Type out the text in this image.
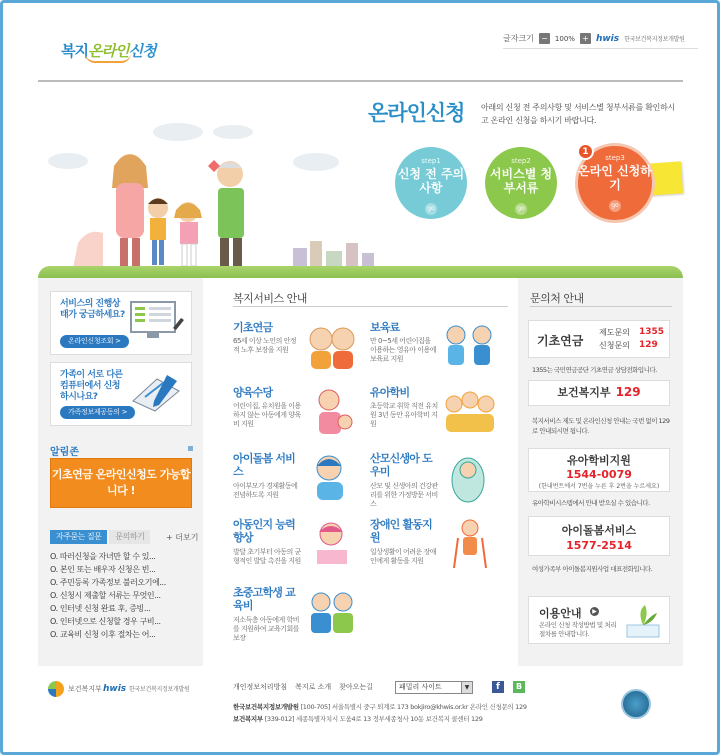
복지온라인신청
글자크기 −	100% + hwis 한국보건복지정보개발원
온라인신청 아래의 신청 전 주의사항 및 서비스별 청부서류를 확인하시고 온라인 신청을 하시기 바랍니다.
step1
신청 전 주의사항
go
step2
서비스별 청부서류
go
step3
온라인 신청하기
go
1
서비스의 진행상태가 궁금하세요?
온라인신청조회 >
가족이 서로 다른 컴퓨터에서 신청하시나요?
가족정보제공동의 >
알림존
기초연금 온라인신청도 가능합니다 !
자주묻는 질문	문의하기	+ 더보기
O. 따러신청을 자녀만 할 수 있...
O. 본인 또는 배우자 신청은 빈...
O. 주민등록 가족정보 불러오기에...
O. 신청시 제출할 서류는 무엇인...
O. 인터넷 신청 완료 후, 증빙...
O. 인터넷으로 신청할 경우 구비...
O. 교육비 신청 이후 절차는 어...
복지서비스 안내
기초연금
65세 이상 노인의 안정적 노후 보장을 지원
보육료
만 0~5세 어린이집을 이용하는 영유아 이용에 보육료 지원
양육수당
어린이집, 유치원을 이용하지 않는 아동에게 양육비 지원
유아학비
초등학교 취학 직전 유치원 3년 동안 유아학비 지원
아이돌봄 서비스
아이부모가 경제활동에 전념하도록 지원
산모신생아 도우미
산모 및 신생아의 건강관리를 위한 가정방문 서비스
아동인지 능력향상
발달 초기부터 아동의 균형적인 발달 촉진을 지원
장애인 활동지원
일상생활이 어려운 장애인에게 활동을 지원
초중고학생 교육비
저소득층 아동에게 학비를 지원하여 교육기회를 보장
문의처 안내
기초연금
제도문의 1355
신청문의 129
1355는 국민연금공단 기초연금 상담전화입니다.
보건복지부 129
복지서비스 제도 및 온라인신청 안내는 국번 없이 129로 안내되시면 됩니다.
유아학비지원
1544-0079
(한내번트에서 7번을 누른 후 2번을 누르세요)
유아학비시스템에서 안내 받으실 수 있습니다.
아이돌봄서비스
1577-2514
여성가족부 아이돌봄지원사업 대표전화입니다.
이용안내	▶
온라인 신청 작성방법 및 처리절차를 안내합니다.
보건복지부 hwis 한국보건복지정보개발원	개인정보처리방침 복지로 소개 찾아오는길	패밀리 사이트	▼	f	B
한국보건복지정보개발원 [100-705] 서울특별시 중구 퇴계로 173 bokjiro@khwis.or.kr 온라인 신청문의 129
보건복지부 [339-012] 세종특별자치시 도움4로 13 정부세종청사 10동 보건복지 콜센터 129
